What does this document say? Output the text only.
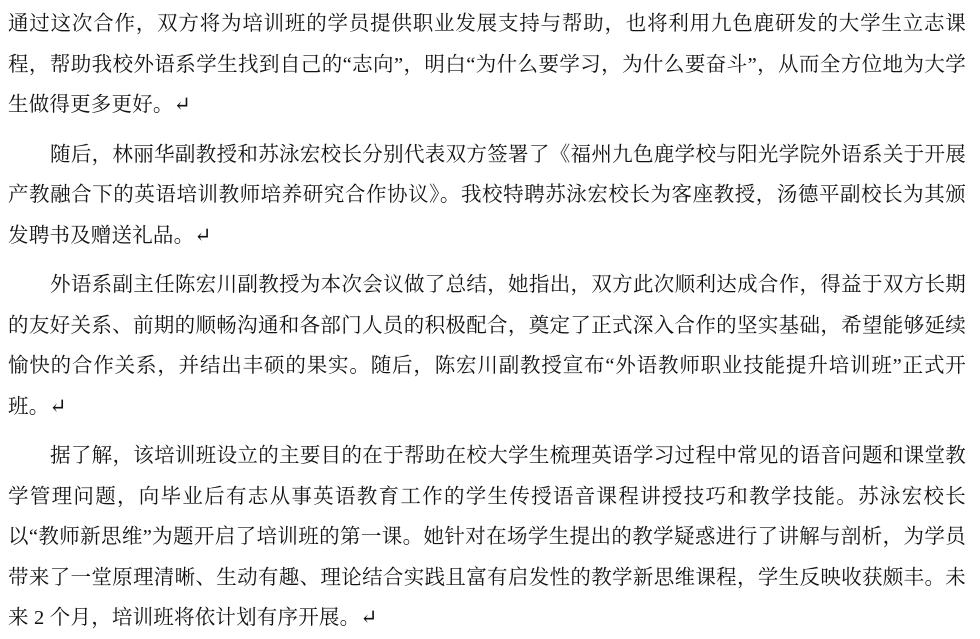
通过这次合作，双方将为培训班的学员提供职业发展支持与帮助，也将利用九色鹿研发的大学生立志课程，帮助我校外语系学生找到自己的“志向”，明白“为什么要学习，为什么要奋斗”，从而全方位地为大学生做得更多更好。↵

随后，林丽华副教授和苏泳宏校长分别代表双方签署了《福州九色鹿学校与阳光学院外语系关于开展产教融合下的英语培训教师培养研究合作协议》。我校特聘苏泳宏校长为客座教授，汤德平副校长为其颁发聘书及赠送礼品。↵

外语系副主任陈宏川副教授为本次会议做了总结，她指出，双方此次顺利达成合作，得益于双方长期的友好关系、前期的顺畅沟通和各部门人员的积极配合，奠定了正式深入合作的坚实基础，希望能够延续愉快的合作关系，并结出丰硕的果实。随后，陈宏川副教授宣布“外语教师职业技能提升培训班”正式开班。↵

据了解，该培训班设立的主要目的在于帮助在校大学生梳理英语学习过程中常见的语音问题和课堂教学管理问题，向毕业后有志从事英语教育工作的学生传授语音课程讲授技巧和教学技能。苏泳宏校长以“教师新思维”为题开启了培训班的第一课。她针对在场学生提出的教学疑惑进行了讲解与剖析，为学员带来了一堂原理清晰、生动有趣、理论结合实践且富有启发性的教学新思维课程，学生反映收获颇丰。未来 2 个月，培训班将依计划有序开展。↵
